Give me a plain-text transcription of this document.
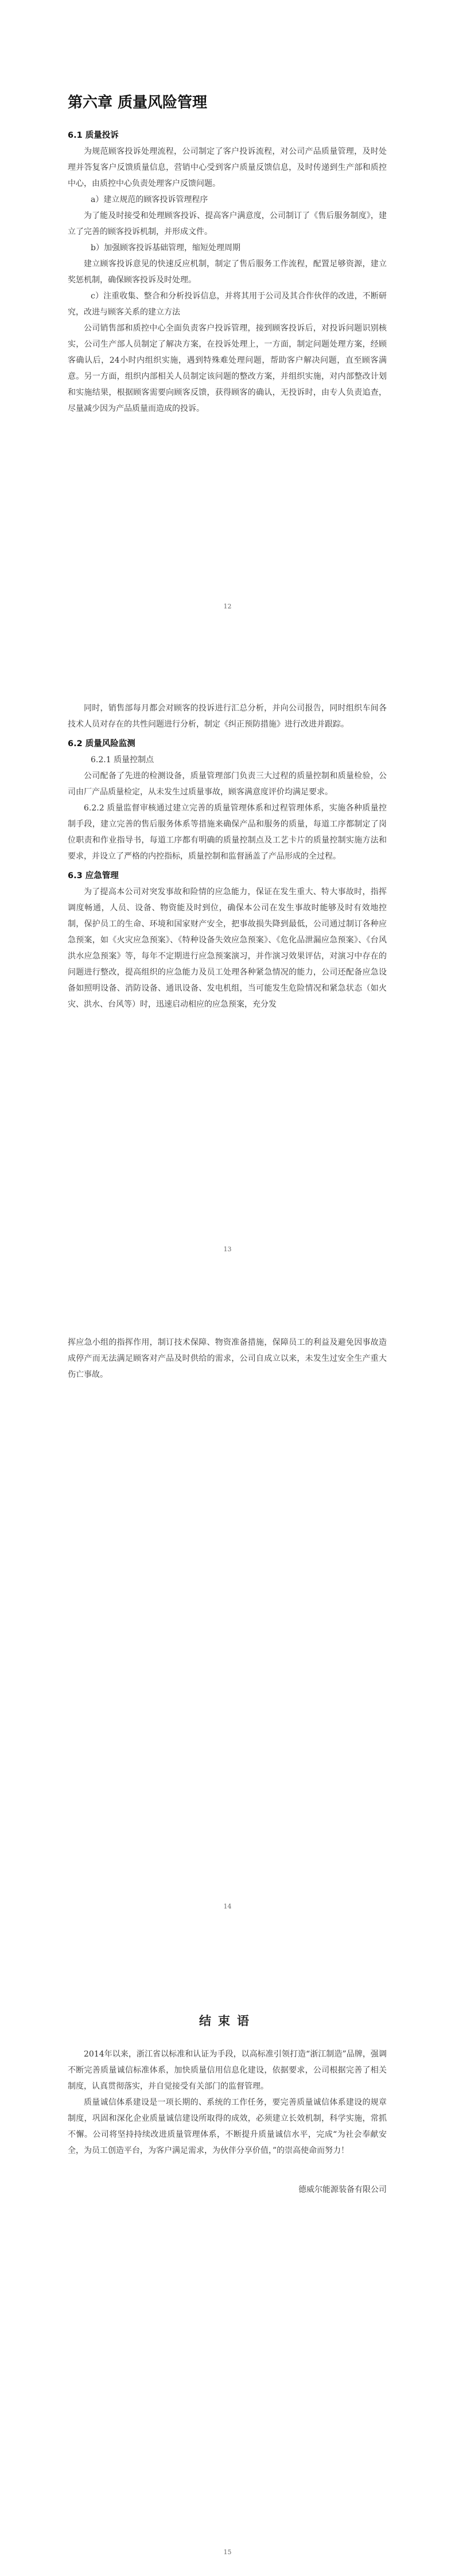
第六章 质量风险管理
6.1 质量投诉

为规范顾客投诉处理流程，公司制定了客户投诉流程，对公司产品质量管理，及时处理并答复客户反馈质量信息，营销中心受到客户质量反馈信息，及时传递到生产部和质控中心，由质控中心负责处理客户反馈问题。

a）建立规范的顾客投诉管理程序

为了能及时接受和处理顾客投诉、提高客户满意度，公司制订了《售后服务制度》，建立了完善的顾客投诉机制，并形成文件。

b）加强顾客投诉基础管理，缩短处理周期

建立顾客投诉意见的快速反应机制，制定了售后服务工作流程，配置足够资源，建立奖惩机制，确保顾客投诉及时处理。

c）注重收集、整合和分析投诉信息，并将其用于公司及其合作伙伴的改进，不断研究，改进与顾客关系的建立方法

公司销售部和质控中心全面负责客户投诉管理，接到顾客投诉后，对投诉问题识别核实，公司生产部人员制定了解决方案，在投诉处理上，一方面，制定问题处理方案，经顾客确认后，24小时内组织实施，遇到特殊难处理问题，帮助客户解决问题，直至顾客满意。另一方面，组织内部相关人员制定该问题的整改方案，并组织实施，对内部整改计划和实施结果，根据顾客需要向顾客反馈，获得顾客的确认，无投诉时，由专人负责追查，尽量减少因为产品质量而造成的投诉。

12

同时，销售部每月都会对顾客的投诉进行汇总分析，并向公司报告，同时组织车间各技术人员对存在的共性问题进行分析，制定《纠正预防措施》进行改进并跟踪。

6.2 质量风险监测

6.2.1 质量控制点

公司配备了先进的检测设备，质量管理部门负责三大过程的质量控制和质量检验，公司由厂产品质量检定，从未发生过质量事故，顾客满意度评价均满足要求。

6.2.2 质量监督审核通过建立完善的质量管理体系和过程管理体系，实施各种质量控制手段，建立完善的售后服务体系等措施来确保产品和服务的质量，每道工序都制定了岗位职责和作业指导书，每道工序都有明确的质量控制点及工艺卡片的质量控制实施方法和要求，并设立了严格的内控指标，质量控制和监督涵盖了产品形成的全过程。

6.3 应急管理

为了提高本公司对突发事故和险情的应急能力，保证在发生重大、特大事故时，指挥调度畅通，人员、设备、物资能及时到位，确保本公司在发生事故时能够及时有效地控制，保护员工的生命、环境和国家财产安全，把事故损失降到最低，公司通过制订各种应急预案，如《火灾应急预案》、《特种设备失效应急预案》、《危化品泄漏应急预案》、《台风洪水应急预案》等，每年不定期进行应急预案演习，并作演习效果评估，对演习中存在的问题进行整改，提高组织的应急能力及员工处理各种紧急情况的能力，公司还配备应急设备如照明设备、消防设备、通讯设备、发电机组，当可能发生危险情况和紧急状态（如火灾、洪水、台风等）时，迅速启动相应的应急预案，充分发

13

挥应急小组的指挥作用，制订技术保障、物资准备措施，保障员工的利益及避免因事故造成停产而无法满足顾客对产品及时供给的需求，公司自成立以来，未发生过安全生产重大伤亡事故。

14
结束语

2014年以来，浙江省以标准和认证为手段，以高标准引领打造“浙江制造”品牌，强调不断完善质量诚信标准体系，加快质量信用信息化建设，依据要求，公司根据完善了相关制度，认真贯彻落实，并自觉接受有关部门的监督管理。

质量诚信体系建设是一项长期的、系统的工作任务，要完善质量诚信体系建设的规章制度，巩固和深化企业质量诚信建设所取得的成效，必须建立长效机制，科学实施，常抓不懈。公司将坚持持续改进质量管理体系，不断提升质量诚信水平，完成“为社会奉献安全，为员工创造平台，为客户满足需求，为伙伴分享价值，”的崇高使命而努力！

德威尔能源装备有限公司

15
